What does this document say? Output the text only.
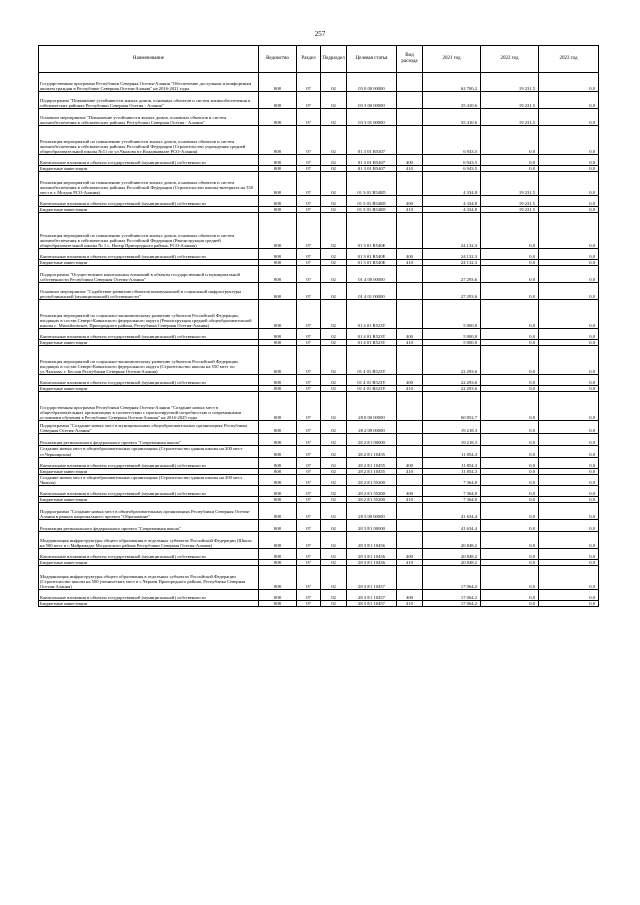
257
Наименование	Ведомство	Раздел	Подраздел	Целевая статья	Вид расхода	2021 год	2022 год	2023 год
Государственная программа Республики Северная Осетия-Алания "Обеспечение доступным и комфортным жильем граждан в Республике Северная Осетия-Алания" на 2016-2021 годы	808	07	02	03 0 00 00000		62 700,2	19 231,5	0,0
Подпрограмма "Повышение устойчивости жилых домов, основных объектов и систем жизнеобеспечения в сейсмических районах Республики Северная Осетия - Алания"	808	07	02	03 3 00 00000		35 410,6	19 231,5	0,0
Основное мероприятие "Повышение устойчивости жилых домов, основных объектов и систем жизнеобеспечения в сейсмических районах Республики Северная Осетия - Алания"	808	07	02	03 3 01 00000		35 410,6	19 231,5	0,0
Реализация мероприятий по повышению устойчивости жилых домов, основных объектов и систем жизнеобеспечения в сейсмических районах Российской Федерации (Строительство учреждения средней общеобразовательной школы №11 по ул.Чкалова в г.Владикавказе РСО-Алания)	808	07	02	01 3 01 R5407		6 943,5	0,0	0,0
Капитальные вложения в объекты государственной (муниципальной) собственности	808	07	02	01 3 01 R5407	400	6 943,5	0,0	0,0
Бюджетные инвестиции	808	07	02	01 3 01 R5407	410	6 943,5	0,0	0,0
Реализация мероприятий по повышению устойчивости жилых домов, основных объектов и систем жизнеобеспечения в сейсмических районах Российской Федерации (Строительство школы-интерната на 350 мест в г. Моздок РСО-Алания)	808	07	02	01 3 01 R540D		4 334,8	19 231,5	0,0
Капитальные вложения в объекты государственной (муниципальной) собственности	808	07	02	01 3 01 R540D	400	4 334,8	19 231,5	0,0
Бюджетные инвестиции	808	07	02	01 3 01 R540D	410	4 334,8	19 231,5	0,0
Реализация мероприятий по повышению устойчивости жилых домов, основных объектов и систем жизнеобеспечения в сейсмических районах Российской Федерации (Реконструкция средней общеобразовательной школы № 1 с. Ногир Пригородного района, РСО-Алания)	808	07	02	01 3 01 R540E		24 132,3	0,0	0,0
Капитальные вложения в объекты государственной (муниципальной) собственности	808	07	02	01 3 01 R540E	400	24 132,3	0,0	0,0
Бюджетные инвестиции	808	07	02	01 3 01 R540E	410	24 132,3	0,0	0,0
Подпрограмма "Осуществление капитальных вложений в объекты государственной и муниципальной собственности Республики Северная Осетия-Алания"	808	07	02	01 4 00 00000		27 293,6	0,0	0,0
Основное мероприятие "Содействие развитию объектов коммунальной и социальной инфраструктуры республиканской (муниципальной) собственности"	808	07	02	01 4 01 00000		27 293,6	0,0	0,0
Реализация мероприятий по социально-экономическому развитию субъектов Российской Федерации, входящих в состав Северо-Кавказского федерального округа (Реконструкция средней общеобразовательной школы с. Михайловское, Пригородного района, Республика Северная Осетия-Алания)	808	07	02	01 4 01 R523T		5 000,0	0,0	0,0
Капитальные вложения в объекты государственной (муниципальной) собственности	808	07	02	01 4 01 R523T	400	5 000,0	0,0	0,0
Бюджетные инвестиции	808	07	02	01 4 01 R523T	410	5 000,0	0,0	0,0
Реализация мероприятий по социально-экономическому развитию субъектов Российской Федерации, входящих в состав Северо-Кавказского федерального округа (Строительство школы на 550 мест по ул.Чкалова, г. Беслан Республики Северная Осетия-Алания)	808	07	02	01 4 01 R523Y		22 293,6	0,0	0,0
Капитальные вложения в объекты государственной (муниципальной) собственности	808	07	02	01 4 01 R523Y	400	22 293,6	0,0	0,0
Бюджетные инвестиции	808	07	02	01 4 01 R523Y	410	22 293,6	0,0	0,0
Государственная программа Республики Северная Осетия-Алания "Создание новых мест в общеобразовательных организациях в соответствии с прогнозируемой потребностью и современными условиями обучения в Республике Северная Осетия-Алания" на 2016-2025 годы	808	07	02	28 0 00 00000		60 852,7	0,0	0,0
Подпрограмма "Создание новых мест в муниципальных общеобразовательных организациях Республики Северная Осетия-Алания"	808	07	02	28 2 00 00000		19 218,3	0,0	0,0
Реализация регионального федерального проекта "Современная школа"	808	07	02	28 2 Е1 00000		19 218,3	0,0	0,0
Создание новых мест в общеобразовательных организациях (Строительство здания школы на 200 мест ст.Черноярская)	808	07	02	28 2 Е1 10455		11 854,3	0,0	0,0
Капитальные вложения в объекты государственной (муниципальной) собственности	808	07	02	28 2 Е1 10455	400	11 854,3	0,0	0,0
Бюджетные инвестиции	808	07	02	28 2 Е1 10455	410	11 854,3	0,0	0,0
Создание новых мест в общеобразовательных организациях (Строительство здания школы на 200 мест Чикола)	808	07	02	28 2 Е1 55200		7 364,0	0,0	0,0
Капитальные вложения в объекты государственной (муниципальной) собственности	808	07	02	28 2 Е1 55200	400	7 364,0	0,0	0,0
Бюджетные инвестиции	808	07	02	28 2 Е1 55200	410	7 364,0	0,0	0,0
Подпрограмма "Создание новых мест в общеобразовательных организациях Республики Северная Осетия-Алания в рамках национального проекта "Образование"	808	07	02	28 3 00 00000		41 634,4	0,0	0,0
Реализация регионального федерального проекта "Современная школа"	808	07	02	28 3 Е1 00000		41 634,4	0,0	0,0
Модернизация инфраструктуры общего образования в отдельных субъектах Российской Федерации (Школа на 500 мест в с.Майрамадаг Моздокского района Республики Северная Осетия-Алания)	808	07	02	28 3 Е1 10456		20 848,2	0,0	0,0
Капитальные вложения в объекты государственной (муниципальной) собственности	808	07	02	28 3 Е1 10456	400	20 848,2	0,0	0,0
Бюджетные инвестиции	808	07	02	28 3 Е1 10456	410	20 848,2	0,0	0,0
Модернизация инфраструктуры общего образования в отдельных субъектах Российской Федерации (Строительство школы на 500 ученических мест в с.Чермен Пригородного района, Республика Северная Осетия-Алания)	808	07	02	28 3 Е1 10457		17 064,2	0,0	0,0
Капитальные вложения в объекты государственной (муниципальной) собственности	808	07	02	28 3 Е1 10457	400	17 064,2	0,0	0,0
Бюджетные инвестиции	808	07	02	28 3 Е1 10457	410	17 064,2	0,0	0,0
